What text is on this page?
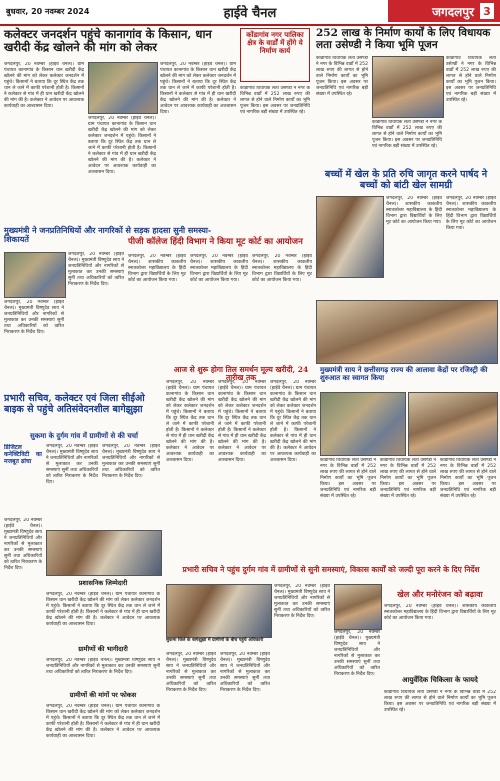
बुधवार, 20 नवम्बर 2024	हाईवे चैनल	जगदलपुर 3
कलेक्टर जनदर्शन पहुंचे कानागांव के किसान, धान खरीदी केंद्र खोलने की मांग को लेकर
जगदलपुर, 20 नवम्बर (हाईवे चैनल)। ग्राम पंचायत कानागांव के किसान धान खरीदी केंद्र खोलने की मांग को लेकर कलेक्टर जनदर्शन में पहुंचे। किसानों ने बताया कि दूर स्थित केंद्र तक धान ले जाने में काफी परेशानी होती है। किसानों ने कलेक्टर से गांव में ही धान खरीदी केंद्र खोलने की मांग की है। कलेक्टर ने आवेदन पर आवश्यक कार्यवाही का आश्वासन दिया।
जगदलपुर, 20 नवम्बर (हाईवे चैनल)। ग्राम पंचायत कानागांव के किसान धान खरीदी केंद्र खोलने की मांग को लेकर कलेक्टर जनदर्शन में पहुंचे। किसानों ने बताया कि दूर स्थित केंद्र तक धान ले जाने में काफी परेशानी होती है। किसानों ने कलेक्टर से गांव में ही धान खरीदी केंद्र खोलने की मांग की है। कलेक्टर ने आवेदन पर आवश्यक कार्यवाही का आश्वासन दिया।
जगदलपुर, 20 नवम्बर (हाईवे चैनल)। ग्राम पंचायत कानागांव के किसान धान खरीदी केंद्र खोलने की मांग को लेकर कलेक्टर जनदर्शन में पहुंचे। किसानों ने बताया कि दूर स्थित केंद्र तक धान ले जाने में काफी परेशानी होती है। किसानों ने कलेक्टर से गांव में ही धान खरीदी केंद्र खोलने की मांग की है। कलेक्टर ने आवेदन पर आवश्यक कार्यवाही का आश्वासन दिया।
कोंडागांव नगर पालिका क्षेत्र के वार्डों में होंगे ये निर्माण कार्य
कोंडागांव विधायक लता उसेण्डी ने नगर के विभिन्न वार्डों में 252 लाख रुपए की लागत से होने वाले निर्माण कार्यों का भूमि पूजन किया। इस अवसर पर जनप्रतिनिधि एवं नागरिक बड़ी संख्या में उपस्थित रहे।
252 लाख के निर्माण कार्यों के लिए विधायक लता उसेण्डी ने किया भूमि पूजन
कोंडागांव विधायक लता उसेण्डी ने नगर के विभिन्न वार्डों में 252 लाख रुपए की लागत से होने वाले निर्माण कार्यों का भूमि पूजन किया। इस अवसर पर जनप्रतिनिधि एवं नागरिक बड़ी संख्या में उपस्थित रहे।
कोंडागांव विधायक लता उसेण्डी ने नगर के विभिन्न वार्डों में 252 लाख रुपए की लागत से होने वाले निर्माण कार्यों का भूमि पूजन किया। इस अवसर पर जनप्रतिनिधि एवं नागरिक बड़ी संख्या में उपस्थित रहे।
कोंडागांव विधायक लता उसेण्डी ने नगर के विभिन्न वार्डों में 252 लाख रुपए की लागत से होने वाले निर्माण कार्यों का भूमि पूजन किया। इस अवसर पर जनप्रतिनिधि एवं नागरिक बड़ी संख्या में उपस्थित रहे।
बच्चों में खेल के प्रति रुचि जागृत करने पार्षद ने बच्चों को बांटी खेल सामग्री
जगदलपुर, 20 नवम्बर (हाईवे चैनल)। शासकीय काकतीय स्नातकोत्तर महाविद्यालय के हिंदी विभाग द्वारा विद्यार्थियों के लिए मूट कोर्ट का आयोजन किया गया।
जगदलपुर, 20 नवम्बर (हाईवे चैनल)। शासकीय काकतीय स्नातकोत्तर महाविद्यालय के हिंदी विभाग द्वारा विद्यार्थियों के लिए मूट कोर्ट का आयोजन किया गया।
मुख्यमंत्री ने जनप्रतिनिधियों और नागरिकों से सड़क हादसा सुनी समस्या-शिकायतें
जगदलपुर, 20 नवम्बर (हाईवे चैनल)। मुख्यमंत्री विष्णुदेव साय ने जनप्रतिनिधियों और नागरिकों से मुलाकात कर उनकी समस्याएं सुनीं तथा अधिकारियों को त्वरित निराकरण के निर्देश दिए।
जगदलपुर, 20 नवम्बर (हाईवे चैनल)। मुख्यमंत्री विष्णुदेव साय ने जनप्रतिनिधियों और नागरिकों से मुलाकात कर उनकी समस्याएं सुनीं तथा अधिकारियों को त्वरित निराकरण के निर्देश दिए।
पीजी कॉलेज हिंदी विभाग ने किया मूट कोर्ट का आयोजन
जगदलपुर, 20 नवम्बर (हाईवे चैनल)। शासकीय काकतीय स्नातकोत्तर महाविद्यालय के हिंदी विभाग द्वारा विद्यार्थियों के लिए मूट कोर्ट का आयोजन किया गया।
जगदलपुर, 20 नवम्बर (हाईवे चैनल)। शासकीय काकतीय स्नातकोत्तर महाविद्यालय के हिंदी विभाग द्वारा विद्यार्थियों के लिए मूट कोर्ट का आयोजन किया गया।
जगदलपुर, 20 नवम्बर (हाईवे चैनल)। शासकीय काकतीय स्नातकोत्तर महाविद्यालय के हिंदी विभाग द्वारा विद्यार्थियों के लिए मूट कोर्ट का आयोजन किया गया।
प्रभारी सचिव, कलेक्टर एवं जिला सीईओ बाइक से पहुंचे अतिसंवेदनशील बागेझुझा
सुकमा के दुर्गम गांव में ग्रामीणों से की चर्चा
डिजिटल कनेक्टिविटी का मजबूत ढांचा
जगदलपुर, 20 नवम्बर (हाईवे चैनल)। मुख्यमंत्री विष्णुदेव साय ने जनप्रतिनिधियों और नागरिकों से मुलाकात कर उनकी समस्याएं सुनीं तथा अधिकारियों को त्वरित निराकरण के निर्देश दिए।
जगदलपुर, 20 नवम्बर (हाईवे चैनल)। मुख्यमंत्री विष्णुदेव साय ने जनप्रतिनिधियों और नागरिकों से मुलाकात कर उनकी समस्याएं सुनीं तथा अधिकारियों को त्वरित निराकरण के निर्देश दिए।
जगदलपुर, 20 नवम्बर (हाईवे चैनल)। मुख्यमंत्री विष्णुदेव साय ने जनप्रतिनिधियों और नागरिकों से मुलाकात कर उनकी समस्याएं सुनीं तथा अधिकारियों को त्वरित निराकरण के निर्देश दिए।
प्रशासनिक जिम्मेदारी
जगदलपुर, 20 नवम्बर (हाईवे चैनल)। ग्राम पंचायत कानागांव के किसान धान खरीदी केंद्र खोलने की मांग को लेकर कलेक्टर जनदर्शन में पहुंचे। किसानों ने बताया कि दूर स्थित केंद्र तक धान ले जाने में काफी परेशानी होती है। किसानों ने कलेक्टर से गांव में ही धान खरीदी केंद्र खोलने की मांग की है। कलेक्टर ने आवेदन पर आवश्यक कार्यवाही का आश्वासन दिया।
ग्रामीणों की भागीदारी
जगदलपुर, 20 नवम्बर (हाईवे चैनल)। मुख्यमंत्री विष्णुदेव साय ने जनप्रतिनिधियों और नागरिकों से मुलाकात कर उनकी समस्याएं सुनीं तथा अधिकारियों को त्वरित निराकरण के निर्देश दिए।
ग्रामीणों की मांगों पर फोकस
जगदलपुर, 20 नवम्बर (हाईवे चैनल)। ग्राम पंचायत कानागांव के किसान धान खरीदी केंद्र खोलने की मांग को लेकर कलेक्टर जनदर्शन में पहुंचे। किसानों ने बताया कि दूर स्थित केंद्र तक धान ले जाने में काफी परेशानी होती है। किसानों ने कलेक्टर से गांव में ही धान खरीदी केंद्र खोलने की मांग की है। कलेक्टर ने आवेदन पर आवश्यक कार्यवाही का आश्वासन दिया।
आज से शुरू होगा तिल समर्थन मूल्य खरीदी, 24 तारीख तक
जगदलपुर, 20 नवम्बर (हाईवे चैनल)। ग्राम पंचायत कानागांव के किसान धान खरीदी केंद्र खोलने की मांग को लेकर कलेक्टर जनदर्शन में पहुंचे। किसानों ने बताया कि दूर स्थित केंद्र तक धान ले जाने में काफी परेशानी होती है। किसानों ने कलेक्टर से गांव में ही धान खरीदी केंद्र खोलने की मांग की है। कलेक्टर ने आवेदन पर आवश्यक कार्यवाही का आश्वासन दिया।
जगदलपुर, 20 नवम्बर (हाईवे चैनल)। ग्राम पंचायत कानागांव के किसान धान खरीदी केंद्र खोलने की मांग को लेकर कलेक्टर जनदर्शन में पहुंचे। किसानों ने बताया कि दूर स्थित केंद्र तक धान ले जाने में काफी परेशानी होती है। किसानों ने कलेक्टर से गांव में ही धान खरीदी केंद्र खोलने की मांग की है। कलेक्टर ने आवेदन पर आवश्यक कार्यवाही का आश्वासन दिया।
जगदलपुर, 20 नवम्बर (हाईवे चैनल)। ग्राम पंचायत कानागांव के किसान धान खरीदी केंद्र खोलने की मांग को लेकर कलेक्टर जनदर्शन में पहुंचे। किसानों ने बताया कि दूर स्थित केंद्र तक धान ले जाने में काफी परेशानी होती है। किसानों ने कलेक्टर से गांव में ही धान खरीदी केंद्र खोलने की मांग की है। कलेक्टर ने आवेदन पर आवश्यक कार्यवाही का आश्वासन दिया।
मुख्यमंत्री साय ने छत्तीसगढ़ राज्य की आलावा केंद्रों पर रजिस्ट्री की शुरुआत का स्वागत किया
कोंडागांव विधायक लता उसेण्डी ने नगर के विभिन्न वार्डों में 252 लाख रुपए की लागत से होने वाले निर्माण कार्यों का भूमि पूजन किया। इस अवसर पर जनप्रतिनिधि एवं नागरिक बड़ी संख्या में उपस्थित रहे।
कोंडागांव विधायक लता उसेण्डी ने नगर के विभिन्न वार्डों में 252 लाख रुपए की लागत से होने वाले निर्माण कार्यों का भूमि पूजन किया। इस अवसर पर जनप्रतिनिधि एवं नागरिक बड़ी संख्या में उपस्थित रहे।
कोंडागांव विधायक लता उसेण्डी ने नगर के विभिन्न वार्डों में 252 लाख रुपए की लागत से होने वाले निर्माण कार्यों का भूमि पूजन किया। इस अवसर पर जनप्रतिनिधि एवं नागरिक बड़ी संख्या में उपस्थित रहे।
प्रभारी सचिव ने पहुंच दुर्गम गांव में ग्रामीणों से सुनी समस्याएं, विकास कार्यों को जल्दी पूरा करने के दिए निर्देश
सुकमा जिले के बागेझुझा में ग्रामीणों के बीच पहुंचे अधिकारी
जगदलपुर, 20 नवम्बर (हाईवे चैनल)। मुख्यमंत्री विष्णुदेव साय ने जनप्रतिनिधियों और नागरिकों से मुलाकात कर उनकी समस्याएं सुनीं तथा अधिकारियों को त्वरित निराकरण के निर्देश दिए।
जगदलपुर, 20 नवम्बर (हाईवे चैनल)। मुख्यमंत्री विष्णुदेव साय ने जनप्रतिनिधियों और नागरिकों से मुलाकात कर उनकी समस्याएं सुनीं तथा अधिकारियों को त्वरित निराकरण के निर्देश दिए।
जगदलपुर, 20 नवम्बर (हाईवे चैनल)। मुख्यमंत्री विष्णुदेव साय ने जनप्रतिनिधियों और नागरिकों से मुलाकात कर उनकी समस्याएं सुनीं तथा अधिकारियों को त्वरित निराकरण के निर्देश दिए।
जगदलपुर, 20 नवम्बर (हाईवे चैनल)। मुख्यमंत्री विष्णुदेव साय ने जनप्रतिनिधियों और नागरिकों से मुलाकात कर उनकी समस्याएं सुनीं तथा अधिकारियों को त्वरित निराकरण के निर्देश दिए।
खेल और मनोरंजन को बढ़ावा
जगदलपुर, 20 नवम्बर (हाईवे चैनल)। शासकीय काकतीय स्नातकोत्तर महाविद्यालय के हिंदी विभाग द्वारा विद्यार्थियों के लिए मूट कोर्ट का आयोजन किया गया।
आयुर्वेदिक चिकित्सा के फायदे
कोंडागांव विधायक लता उसेण्डी ने नगर के विभिन्न वार्डों में 252 लाख रुपए की लागत से होने वाले निर्माण कार्यों का भूमि पूजन किया। इस अवसर पर जनप्रतिनिधि एवं नागरिक बड़ी संख्या में उपस्थित रहे।
